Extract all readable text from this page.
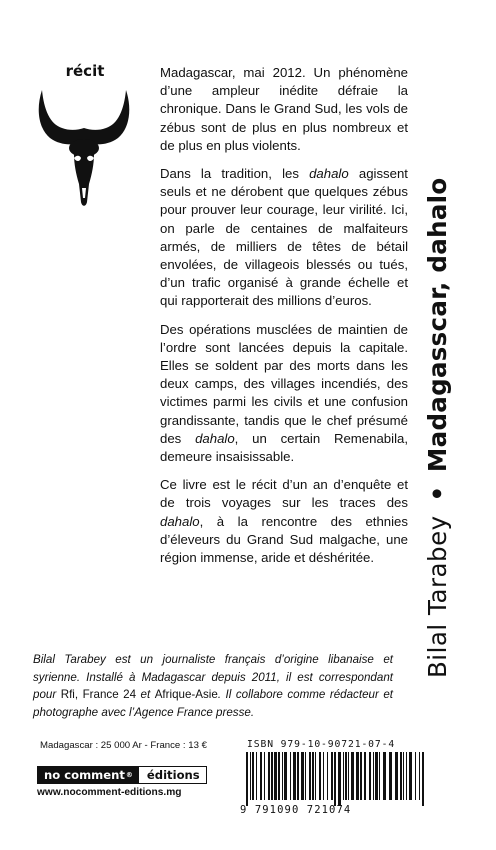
récit	Madagascar, mai 2012. Un phénomène d’une ampleur inédite défraie la chronique. Dans le Grand Sud, les vols de zébus sont de plus en plus nombreux et de plus en plus violents.

Dans la tradition, les dahalo agissent seuls et ne dérobent que quelques zébus pour prouver leur courage, leur virilité. Ici, on parle de centaines de malfaiteurs armés, de milliers de têtes de bétail envolées, de villageois blessés ou tués, d’un trafic organisé à grande échelle et qui rapporterait des millions d’euros.

Des opérations musclées de maintien de l’ordre sont lancées depuis la capitale. Elles se soldent par des morts dans les deux camps, des villages incendiés, des victimes parmi les civils et une confusion grandissante, tandis que le chef présumé des dahalo, un certain Remenabila, demeure insaisissable.

Ce livre est le récit d’un an d’enquête et de trois voyages sur les traces des dahalo, à la rencontre des ethnies d’éleveurs du Grand Sud malgache, une région immense, aride et déshéritée.	Bilal Tarabey • Madagasscar, dahalo
Bilal Tarabey est un journaliste français d’origine libanaise et syrienne. Installé à Madagascar depuis 2011, il est correspondant pour Rfi, France 24 et Afrique-Asie. Il collabore comme rédacteur et photographe avec l’Agence France presse.
Madagascar : 25 000 Ar - France : 13 €
no comment ®	éditions
www.nocomment-editions.mg
ISBN 979-10-90721-07-4
9 791090 721074
